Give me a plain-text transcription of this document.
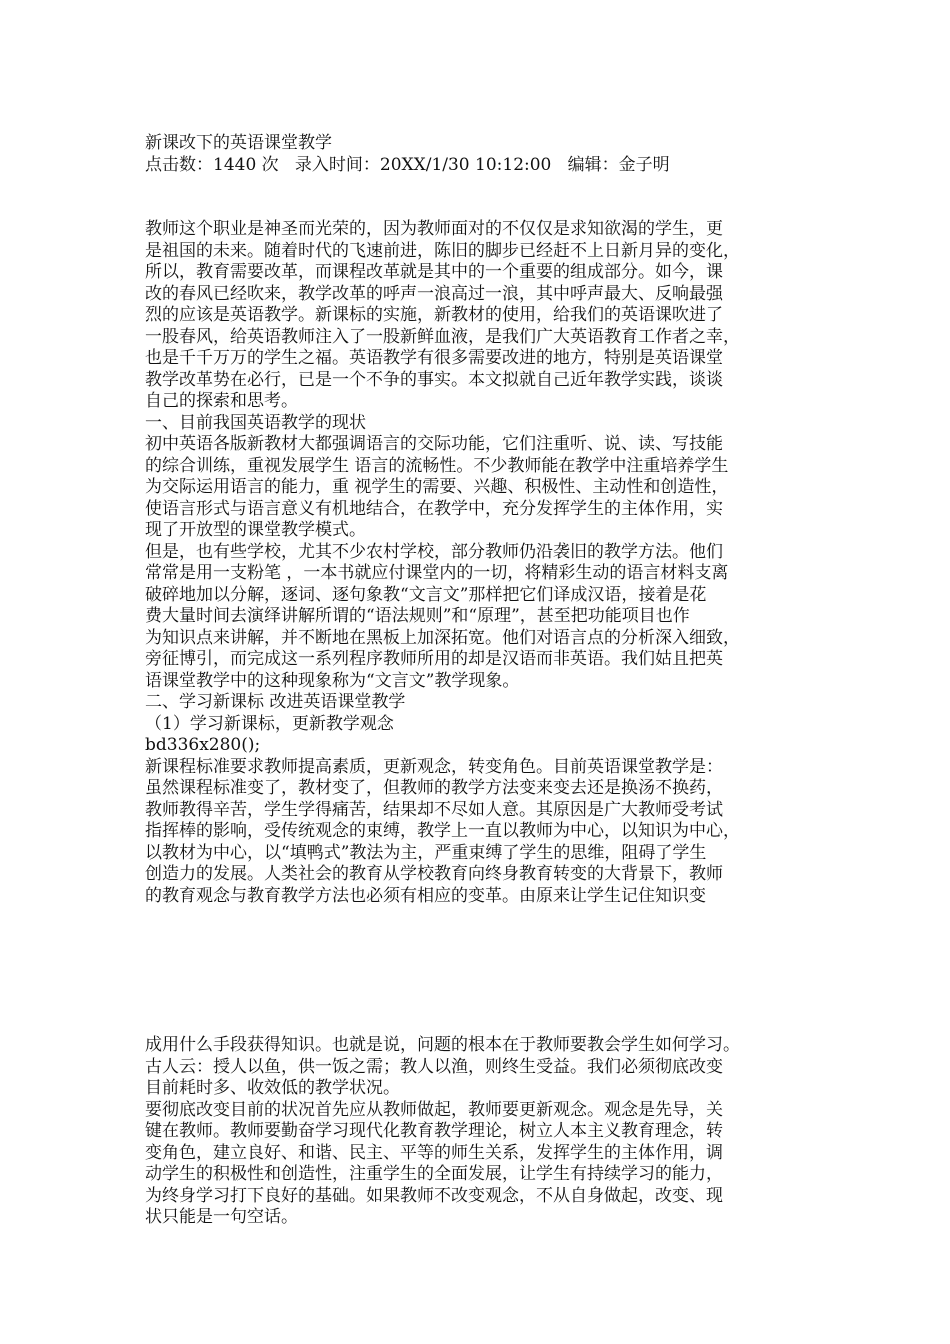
新课改下的英语课堂教学
点击数：1440 次   录入时间：20XX/1/30 10:12:00   编辑：金子明
教师这个职业是神圣而光荣的，因为教师面对的不仅仅是求知欲渴的学生，更
是祖国的未来。随着时代的飞速前进，陈旧的脚步已经赶不上日新月异的变化，
所以，教育需要改革，而课程改革就是其中的一个重要的组成部分。如今，课
改的春风已经吹来，教学改革的呼声一浪高过一浪，其中呼声最大、反响最强
烈的应该是英语教学。新课标的实施，新教材的使用，给我们的英语课吹进了
一股春风，给英语教师注入了一股新鲜血液，是我们广大英语教育工作者之幸，
也是千千万万的学生之福。英语教学有很多需要改进的地方，特别是英语课堂
教学改革势在必行，已是一个不争的事实。本文拟就自己近年教学实践，谈谈
自己的探索和思考。
一、目前我国英语教学的现状
初中英语各版新教材大都强调语言的交际功能，它们注重听、说、读、写技能
的综合训练，重视发展学生 语言的流畅性。不少教师能在教学中注重培养学生
为交际运用语言的能力，重 视学生的需要、兴趣、积极性、主动性和创造性，
使语言形式与语言意义有机地结合，在教学中，充分发挥学生的主体作用，实
现了开放型的课堂教学模式。
但是，也有些学校，尤其不少农村学校，部分教师仍沿袭旧的教学方法。他们
常常是用一支粉笔 ，一本书就应付课堂内的一切，将精彩生动的语言材料支离
破碎地加以分解，逐词、逐句象教“文言文”那样把它们译成汉语，接着是花
费大量时间去演绎讲解所谓的“语法规则”和“原理”，甚至把功能项目也作
为知识点来讲解，并不断地在黑板上加深拓宽。他们对语言点的分析深入细致，
旁征博引，而完成这一系列程序教师所用的却是汉语而非英语。我们姑且把英
语课堂教学中的这种现象称为“文言文”教学现象。
二、学习新课标 改进英语课堂教学
（1）学习新课标，更新教学观念
bd336x280();
新课程标准要求教师提高素质，更新观念，转变角色。目前英语课堂教学是：
虽然课程标准变了，教材变了，但教师的教学方法变来变去还是换汤不换药，
教师教得辛苦，学生学得痛苦，结果却不尽如人意。其原因是广大教师受考试
指挥棒的影响，受传统观念的束缚，教学上一直以教师为中心，以知识为中心，
以教材为中心，以“填鸭式”教法为主，严重束缚了学生的思维，阻碍了学生
创造力的发展。人类社会的教育从学校教育向终身教育转变的大背景下，教师
的教育观念与教育教学方法也必须有相应的变革。由原来让学生记住知识变
成用什么手段获得知识。也就是说，问题的根本在于教师要教会学生如何学习。
古人云：授人以鱼，供一饭之需；教人以渔，则终生受益。我们必须彻底改变
目前耗时多、收效低的教学状况。
要彻底改变目前的状况首先应从教师做起，教师要更新观念。观念是先导，关
键在教师。教师要勤奋学习现代化教育教学理论，树立人本主义教育理念，转
变角色，建立良好、和谐、民主、平等的师生关系，发挥学生的主体作用，调
动学生的积极性和创造性，注重学生的全面发展，让学生有持续学习的能力，
为终身学习打下良好的基础。如果教师不改变观念，不从自身做起，改变、现
状只能是一句空话。
